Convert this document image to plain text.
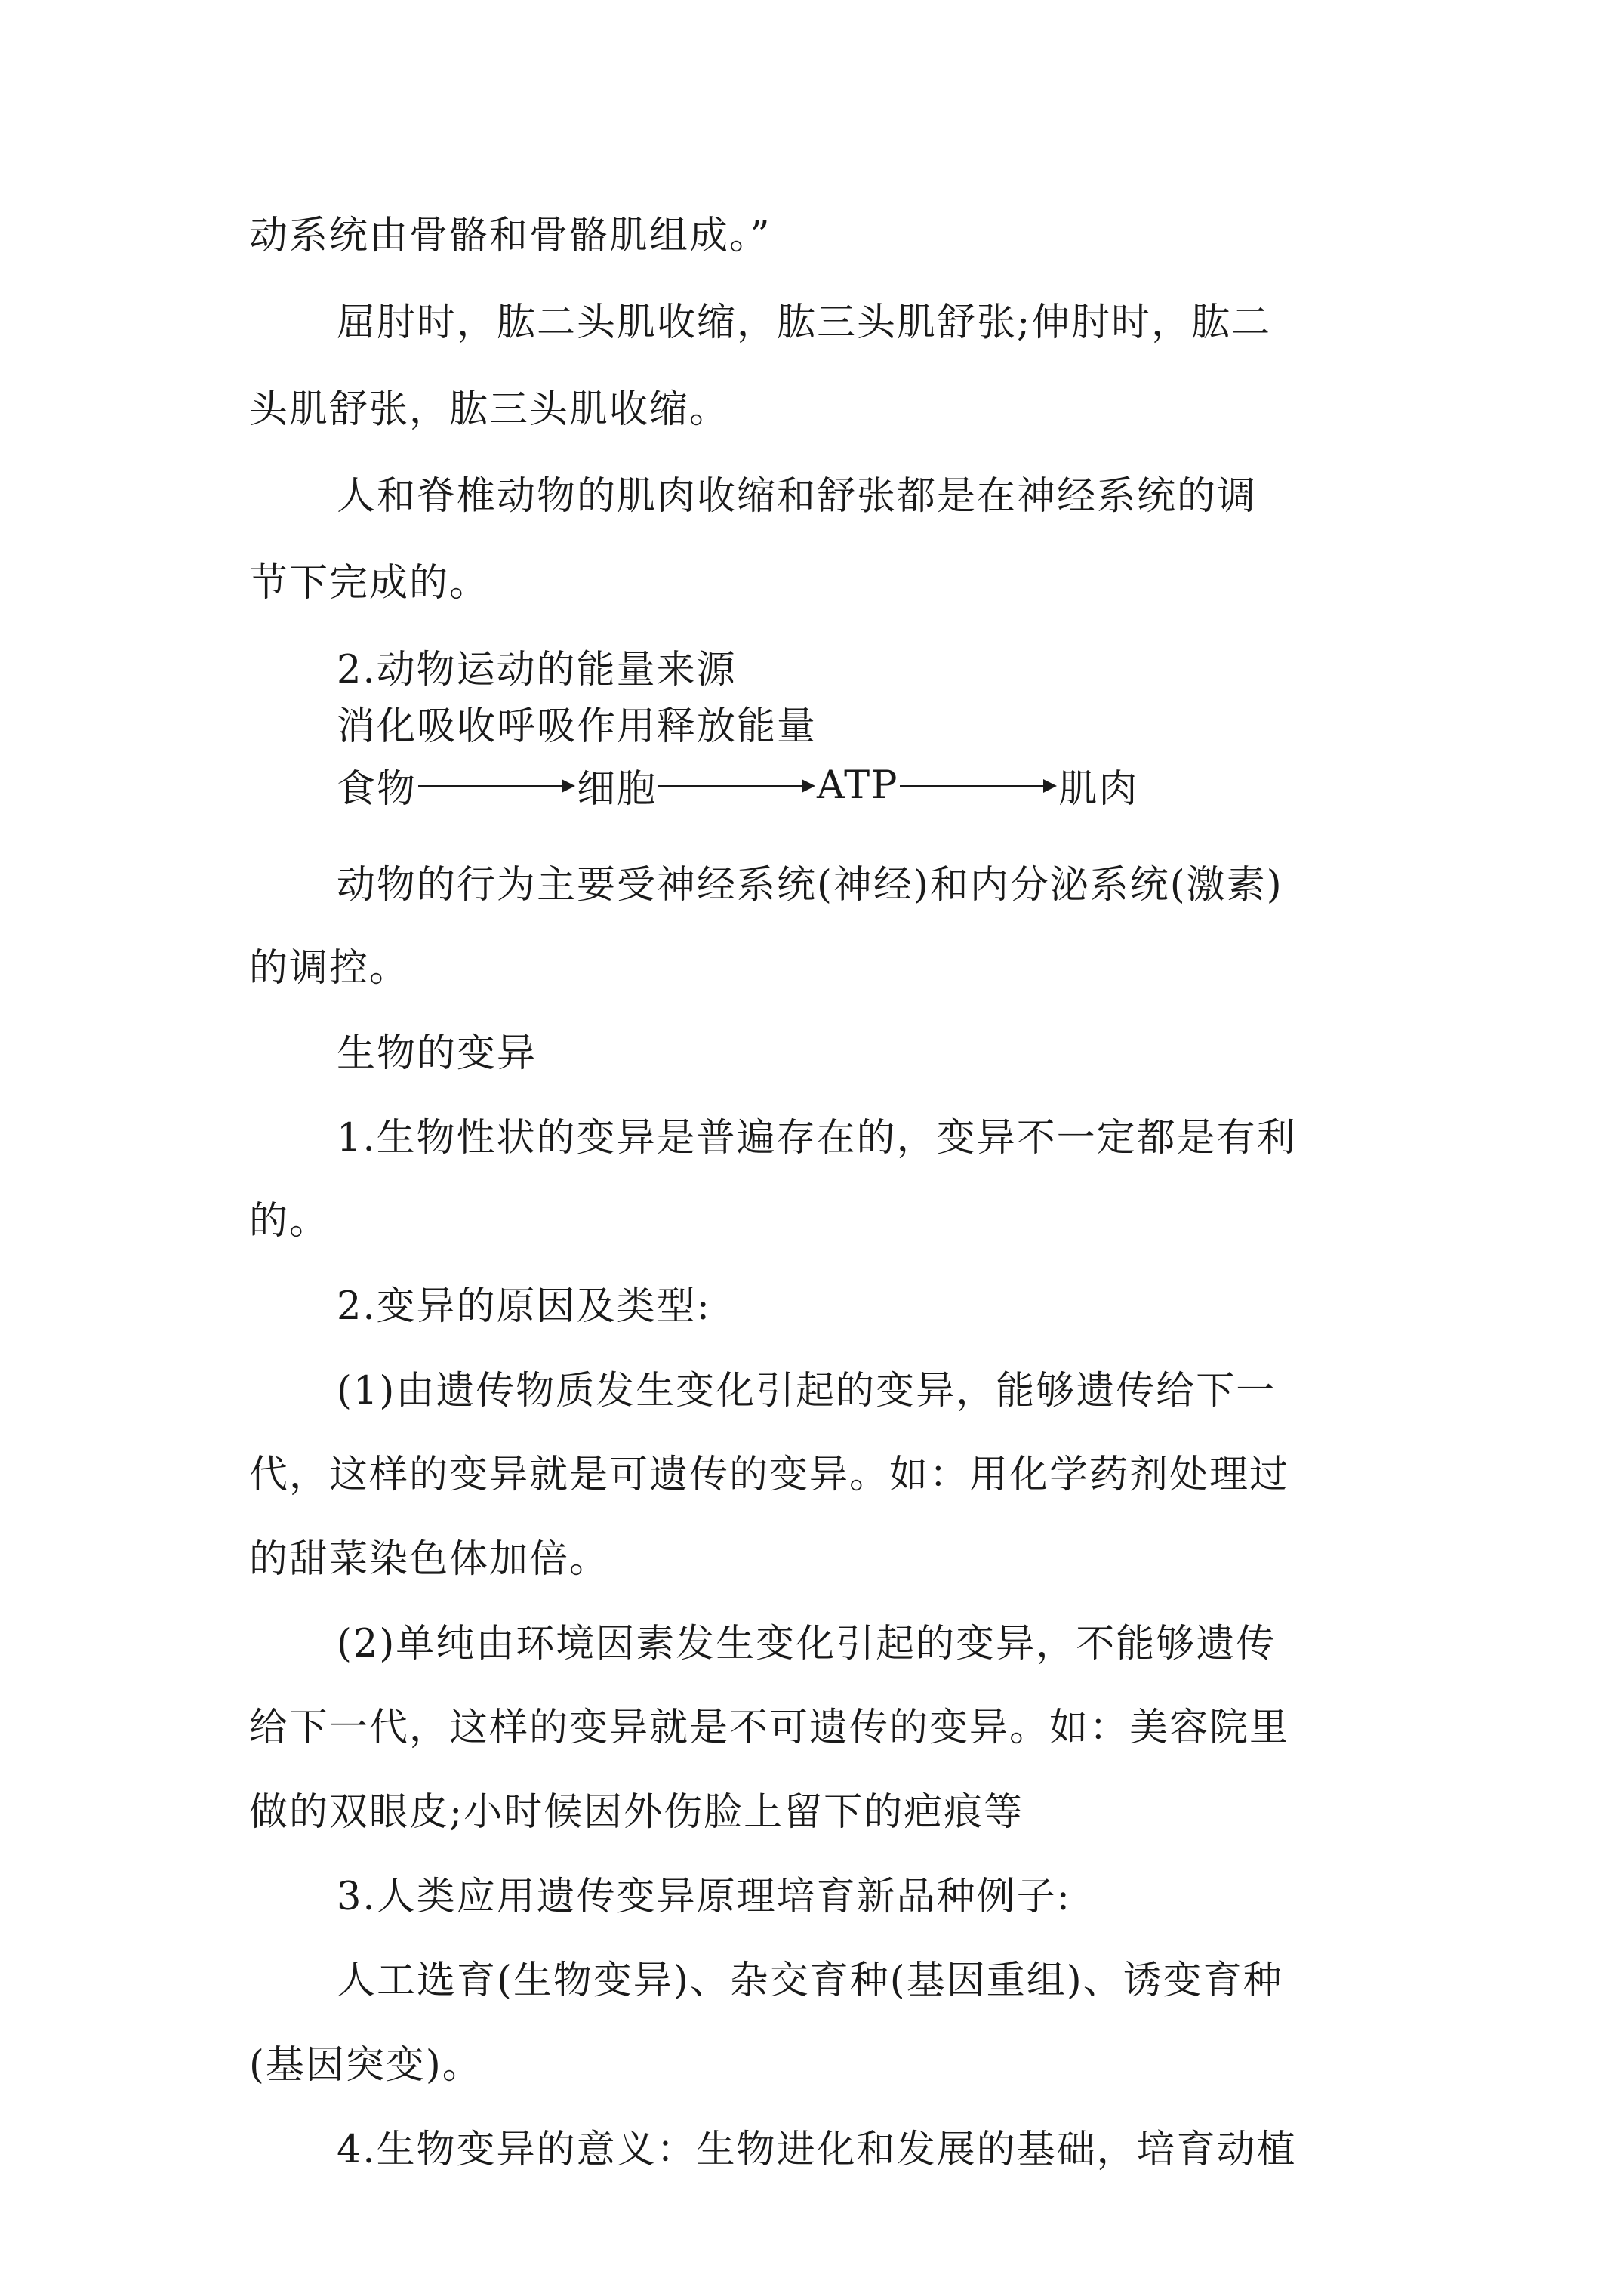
动系统由骨骼和骨骼肌组成。”
屈肘时，肱二头肌收缩，肱三头肌舒张;伸肘时，肱二
头肌舒张，肱三头肌收缩。
人和脊椎动物的肌肉收缩和舒张都是在神经系统的调
节下完成的。
2.动物运动的能量来源
消化吸收呼吸作用释放能量
食物	细胞	ATP	肌肉
动物的行为主要受神经系统(神经)和内分泌系统(激素)
的调控。
生物的变异
1.生物性状的变异是普遍存在的，变异不一定都是有利
的。
2.变异的原因及类型:
(1)由遗传物质发生变化引起的变异，能够遗传给下一
代，这样的变异就是可遗传的变异。如：用化学药剂处理过
的甜菜染色体加倍。
(2)单纯由环境因素发生变化引起的变异，不能够遗传
给下一代，这样的变异就是不可遗传的变异。如：美容院里
做的双眼皮;小时候因外伤脸上留下的疤痕等
3.人类应用遗传变异原理培育新品种例子:
人工选育(生物变异)、杂交育种(基因重组)、诱变育种
(基因突变)。
4.生物变异的意义：生物进化和发展的基础，培育动植
